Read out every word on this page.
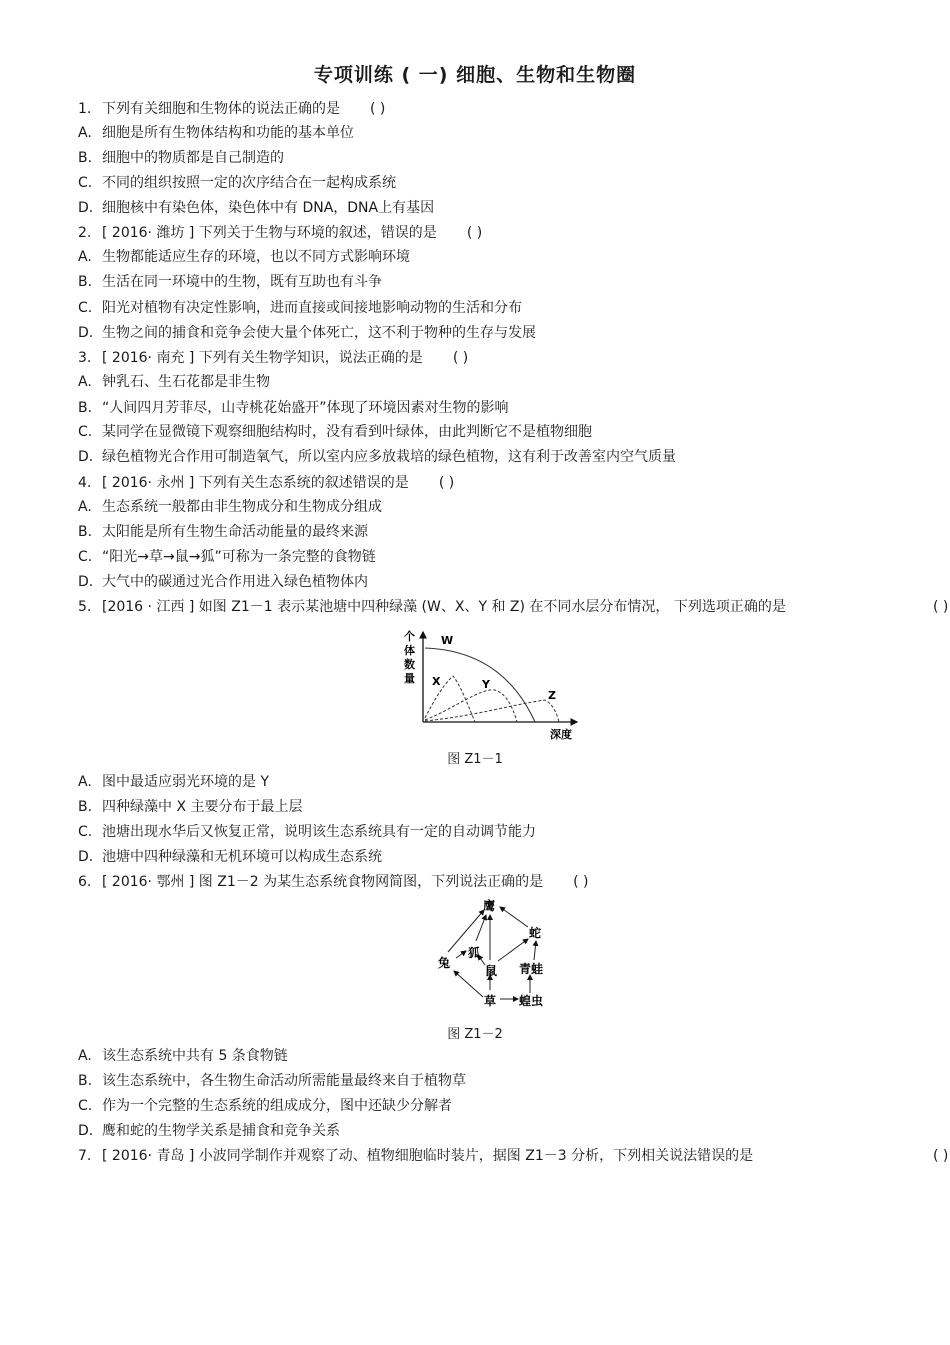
专项训练 ( 一) 细胞、生物和生物圈
1. 下列有关细胞和生物体的说法正确的是 ( )
A. 细胞是所有生物体结构和功能的基本单位
B. 细胞中的物质都是自己制造的
C. 不同的组织按照一定的次序结合在一起构成系统
D. 细胞核中有染色体，染色体中有 DNA，DNA上有基因
2. [ 2016· 潍坊 ] 下列关于生物与环境的叙述，错误的是 ( )
A. 生物都能适应生存的环境，也以不同方式影响环境
B. 生活在同一环境中的生物，既有互助也有斗争
C. 阳光对植物有决定性影响，进而直接或间接地影响动物的生活和分布
D. 生物之间的捕食和竞争会使大量个体死亡，这不利于物种的生存与发展
3. [ 2016· 南充 ] 下列有关生物学知识，说法正确的是 ( )
A. 钟乳石、生石花都是非生物
B. “人间四月芳菲尽，山寺桃花始盛开”体现了环境因素对生物的影响
C. 某同学在显微镜下观察细胞结构时，没有看到叶绿体，由此判断它不是植物细胞
D. 绿色植物光合作用可制造氧气，所以室内应多放栽培的绿色植物，这有利于改善室内空气质量
4. [ 2016· 永州 ] 下列有关生态系统的叙述错误的是 ( )
A. 生态系统一般都由非生物成分和生物成分组成
B. 太阳能是所有生物生命活动能量的最终来源
C. “阳光→草→鼠→狐”可称为一条完整的食物链
D. 大气中的碳通过光合作用进入绿色植物体内
5. [2016 · 江西 ] 如图 Z1－1 表示某池塘中四种绿藻 (W、X、Y 和 Z) 在不同水层分布情况， 下列选项正确的是	( )
个体数量
深度
W
X	Y
Z
图 Z1－1
A. 图中最适应弱光环境的是 Y
B. 四种绿藻中 X 主要分布于最上层
C. 池塘出现水华后又恢复正常，说明该生态系统具有一定的自动调节能力
D. 池塘中四种绿藻和无机环境可以构成生态系统
6. [ 2016· 鄂州 ] 图 Z1－2 为某生态系统食物网简图，下列说法正确的是 ( )
鹰
蛇
兔
狐
鼠 青蛙
草 蝗虫
图 Z1－2
A. 该生态系统中共有 5 条食物链
B. 该生态系统中，各生物生命活动所需能量最终来自于植物草
C. 作为一个完整的生态系统的组成成分，图中还缺少分解者
D. 鹰和蛇的生物学关系是捕食和竞争关系
7. [ 2016· 青岛 ] 小波同学制作并观察了动、植物细胞临时装片，据图 Z1－3 分析，下列相关说法错误的是	( )
